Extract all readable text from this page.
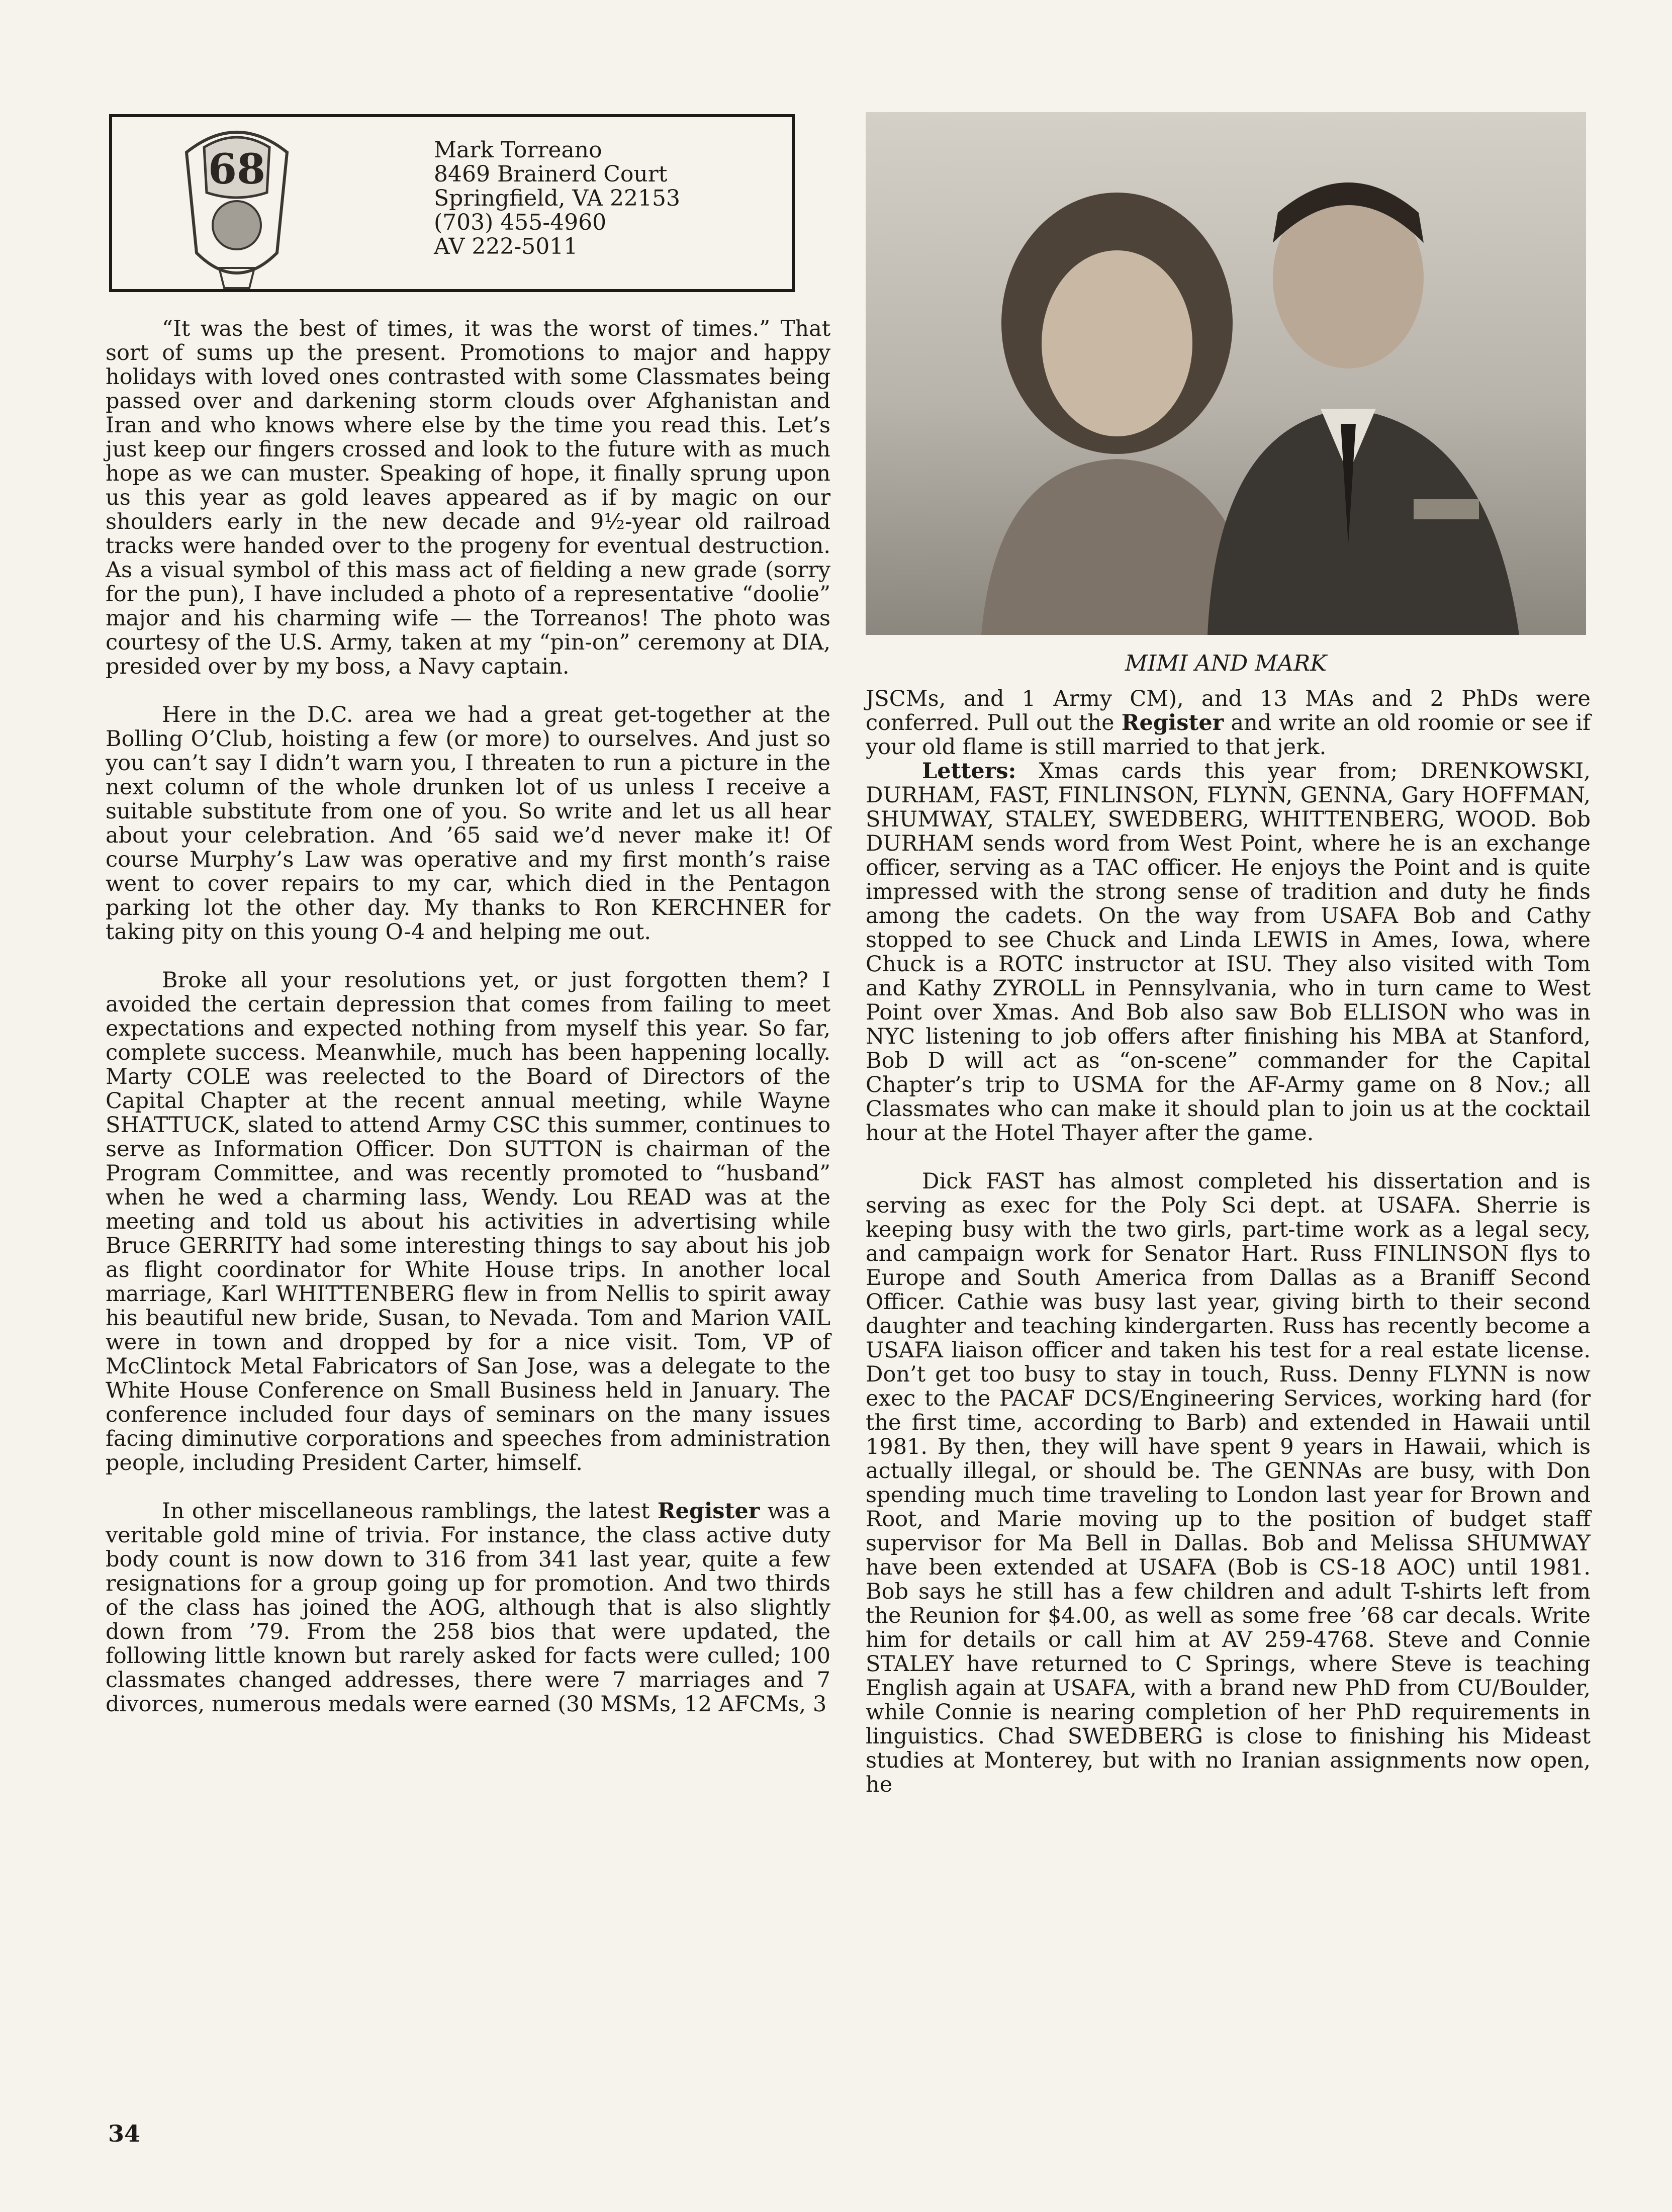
68	Mark Torreano
8469 Brainerd Court
Springfield, VA 22153
(703) 455-4960
AV 222-5011

“It was the best of times, it was the worst of times.” That sort of sums up the present. Promotions to major and happy holidays with loved ones contrasted with some Classmates being passed over and darkening storm clouds over Afghanistan and Iran and who knows where else by the time you read this. Let’s just keep our fingers crossed and look to the future with as much hope as we can muster. Speaking of hope, it finally sprung upon us this year as gold leaves appeared as if by magic on our shoulders early in the new decade and 9½-year old railroad tracks were handed over to the progeny for eventual destruction. As a visual symbol of this mass act of fielding a new grade (sorry for the pun), I have included a photo of a representative “doolie” major and his charming wife — the Torreanos! The photo was courtesy of the U.S. Army, taken at my “pin-on” ceremony at DIA, presided over by my boss, a Navy captain.

Here in the D.C. area we had a great get-together at the Bolling O’Club, hoisting a few (or more) to ourselves. And just so you can’t say I didn’t warn you, I threaten to run a picture in the next column of the whole drunken lot of us unless I receive a suitable substitute from one of you. So write and let us all hear about your celebration. And ’65 said we’d never make it! Of course Murphy’s Law was operative and my first month’s raise went to cover repairs to my car, which died in the Pentagon parking lot the other day. My thanks to Ron KERCHNER for taking pity on this young O-4 and helping me out.

Broke all your resolutions yet, or just forgotten them? I avoided the certain depression that comes from failing to meet expectations and expected nothing from myself this year. So far, complete success. Meanwhile, much has been happening locally. Marty COLE was reelected to the Board of Directors of the Capital Chapter at the recent annual meeting, while Wayne SHATTUCK, slated to attend Army CSC this summer, continues to serve as Information Officer. Don SUTTON is chairman of the Program Committee, and was recently promoted to “husband” when he wed a charming lass, Wendy. Lou READ was at the meeting and told us about his activities in advertising while Bruce GERRITY had some interesting things to say about his job as flight coordinator for White House trips. In another local marriage, Karl WHITTENBERG flew in from Nellis to spirit away his beautiful new bride, Susan, to Nevada. Tom and Marion VAIL were in town and dropped by for a nice visit. Tom, VP of McClintock Metal Fabricators of San Jose, was a delegate to the White House Conference on Small Business held in January. The conference included four days of seminars on the many issues facing diminutive corporations and speeches from administration people, including President Carter, himself.

In other miscellaneous ramblings, the latest Register was a veritable gold mine of trivia. For instance, the class active duty body count is now down to 316 from 341 last year, quite a few resignations for a group going up for promotion. And two thirds of the class has joined the AOG, although that is also slightly down from ’79. From the 258 bios that were updated, the following little known but rarely asked for facts were culled; 100 classmates changed addresses, there were 7 marriages and 7 divorces, numerous medals were earned (30 MSMs, 12 AFCMs, 3

MIMI AND MARK

JSCMs, and 1 Army CM), and 13 MAs and 2 PhDs were conferred. Pull out the Register and write an old roomie or see if your old flame is still married to that jerk.

Letters: Xmas cards this year from; DRENKOWSKI, DURHAM, FAST, FINLINSON, FLYNN, GENNA, Gary HOFFMAN, SHUMWAY, STALEY, SWEDBERG, WHITTENBERG, WOOD. Bob DURHAM sends word from West Point, where he is an exchange officer, serving as a TAC officer. He enjoys the Point and is quite impressed with the strong sense of tradition and duty he finds among the cadets. On the way from USAFA Bob and Cathy stopped to see Chuck and Linda LEWIS in Ames, Iowa, where Chuck is a ROTC instructor at ISU. They also visited with Tom and Kathy ZYROLL in Pennsylvania, who in turn came to West Point over Xmas. And Bob also saw Bob ELLISON who was in NYC listening to job offers after finishing his MBA at Stanford, Bob D will act as “on-scene” commander for the Capital Chapter’s trip to USMA for the AF-Army game on 8 Nov.; all Classmates who can make it should plan to join us at the cocktail hour at the Hotel Thayer after the game.

Dick FAST has almost completed his dissertation and is serving as exec for the Poly Sci dept. at USAFA. Sherrie is keeping busy with the two girls, part-time work as a legal secy, and campaign work for Senator Hart. Russ FINLINSON flys to Europe and South America from Dallas as a Braniff Second Officer. Cathie was busy last year, giving birth to their second daughter and teaching kindergarten. Russ has recently become a USAFA liaison officer and taken his test for a real estate license. Don’t get too busy to stay in touch, Russ. Denny FLYNN is now exec to the PACAF DCS/Engineering Services, working hard (for the first time, according to Barb) and extended in Hawaii until 1981. By then, they will have spent 9 years in Hawaii, which is actually illegal, or should be. The GENNAs are busy, with Don spending much time traveling to London last year for Brown and Root, and Marie moving up to the position of budget staff supervisor for Ma Bell in Dallas. Bob and Melissa SHUMWAY have been extended at USAFA (Bob is CS-18 AOC) until 1981. Bob says he still has a few children and adult T-shirts left from the Reunion for $4.00, as well as some free ’68 car decals. Write him for details or call him at AV 259-4768. Steve and Connie STALEY have returned to C Springs, where Steve is teaching English again at USAFA, with a brand new PhD from CU/Boulder, while Connie is nearing completion of her PhD requirements in linguistics. Chad SWEDBERG is close to finishing his Mideast studies at Monterey, but with no Iranian assignments now open, he

34
